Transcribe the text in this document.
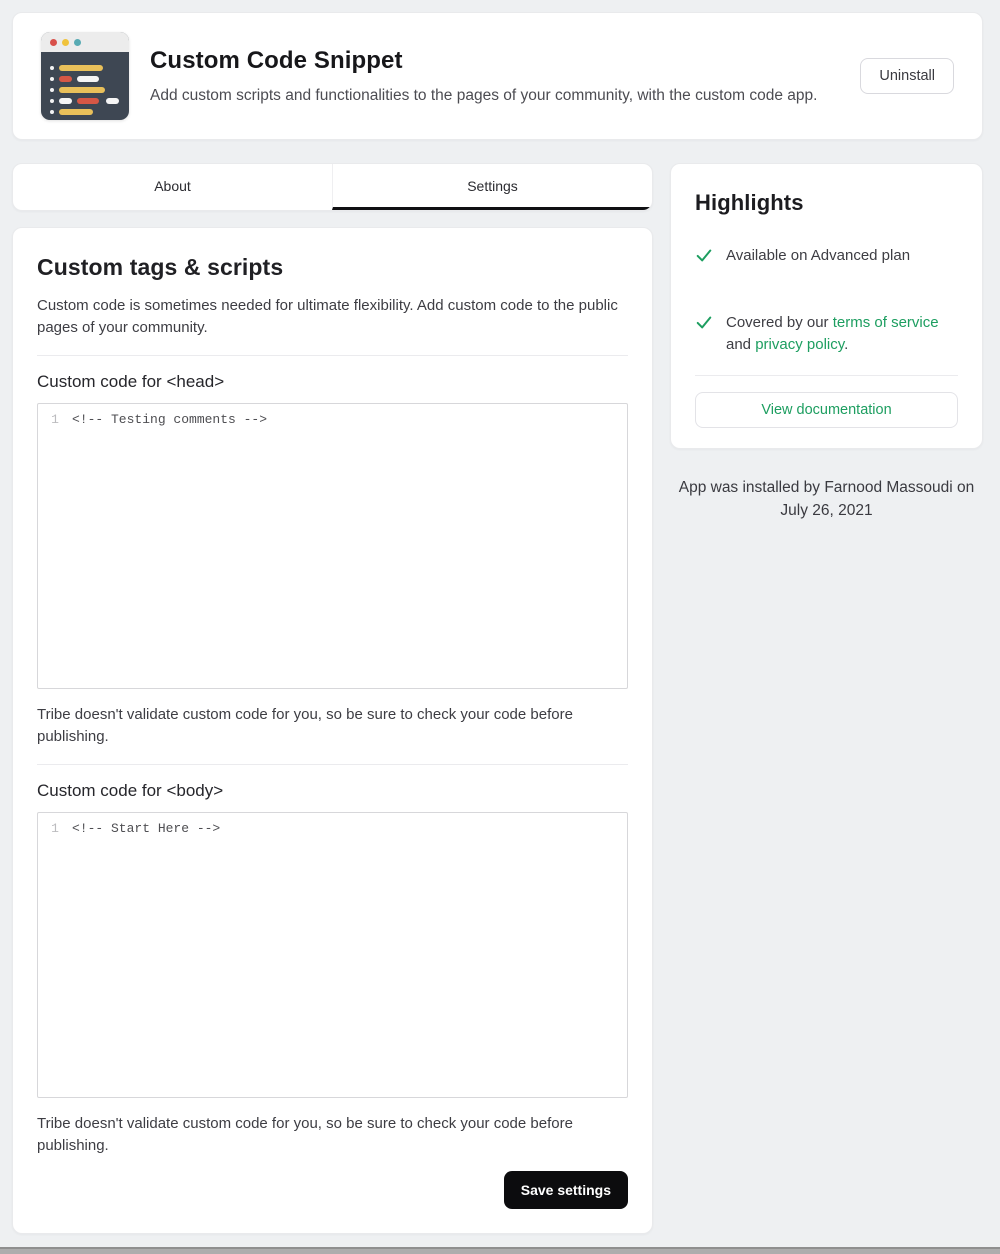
Custom Code Snippet
Add custom scripts and functionalities to the pages of your community, with the custom code app.
Uninstall
About	Settings
Custom tags & scripts
Custom code is sometimes needed for ultimate flexibility. Add custom code to the public pages of your community.
Custom code for <head>
1	<!-- Testing comments -->
Tribe doesn't validate custom code for you, so be sure to check your code before publishing.
Custom code for <body>
1	<!-- Start Here -->
Tribe doesn't validate custom code for you, so be sure to check your code before publishing.
Save settings
Highlights
Available on Advanced plan
Covered by our terms of service and privacy policy.
View documentation
App was installed by Farnood Massoudi on July 26, 2021
